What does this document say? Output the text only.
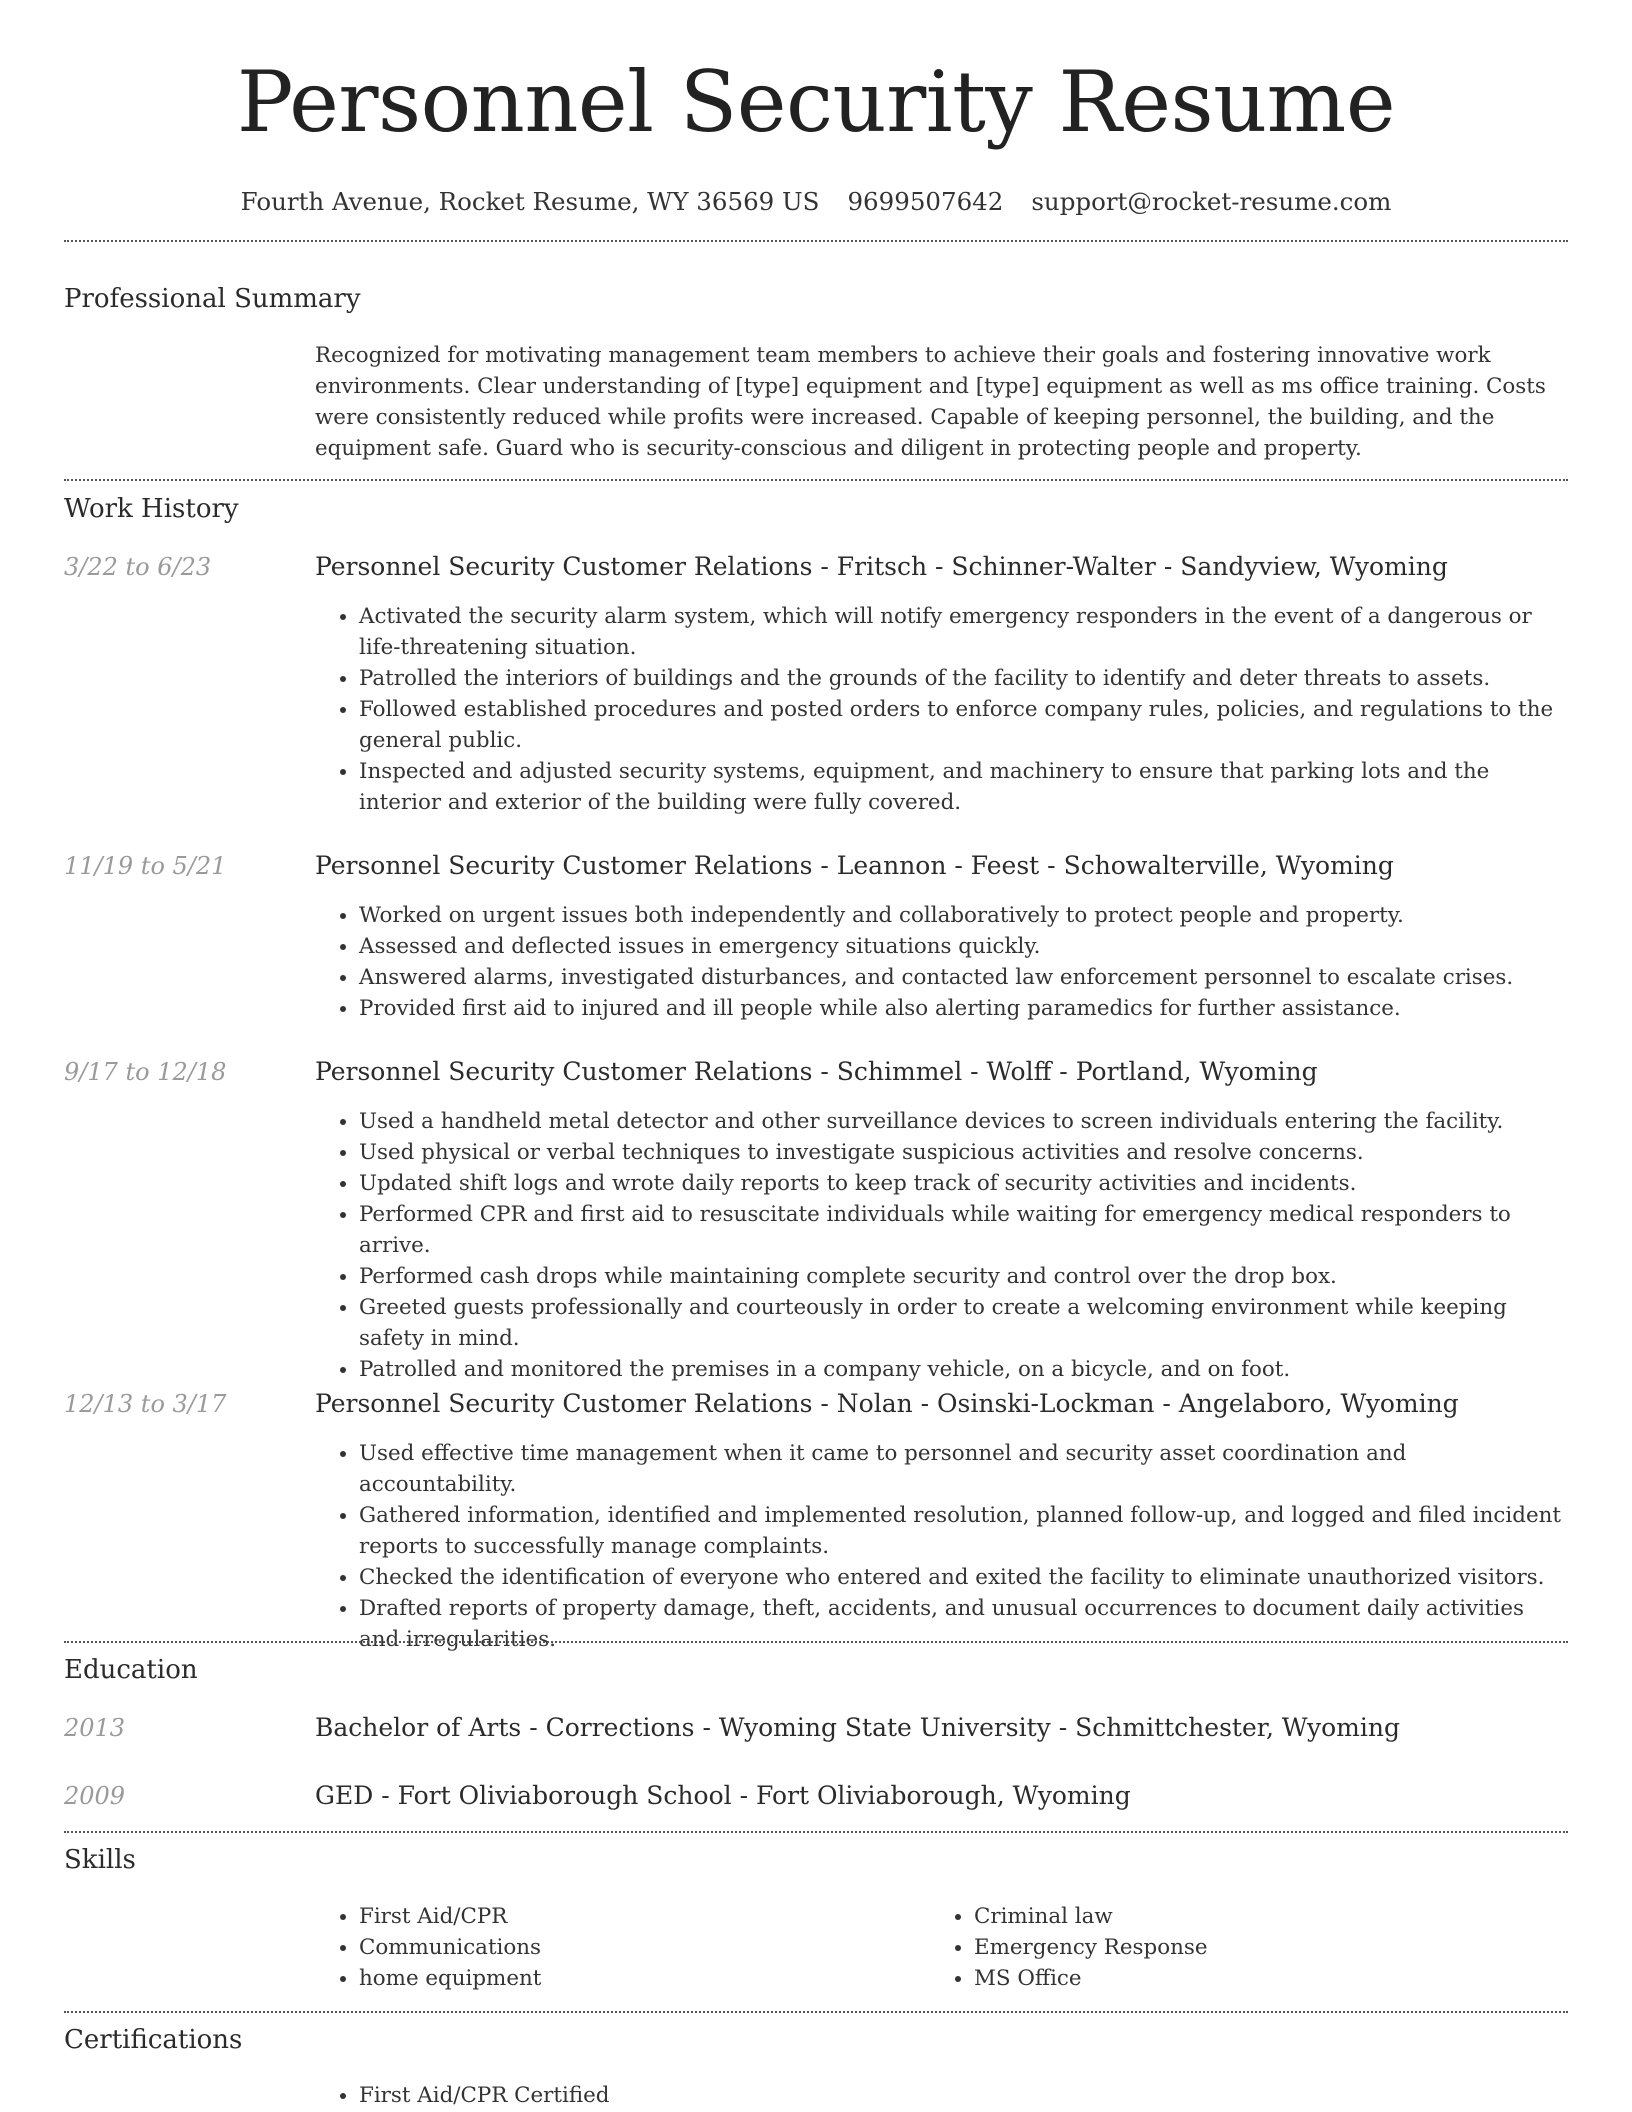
Personnel Security Resume
Fourth Avenue, Rocket Resume, WY 36569 US 9699507642 support@rocket-resume.com
Professional Summary
Recognized for motivating management team members to achieve their goals and fostering innovative work environments. Clear understanding of [type] equipment and [type] equipment as well as ms office training. Costs were consistently reduced while profits were increased. Capable of keeping personnel, the building, and the equipment safe. Guard who is security-conscious and diligent in protecting people and property.
Work History
3/22 to 6/23	Personnel Security Customer Relations - Fritsch - Schinner-Walter - Sandyview, Wyoming
• Activated the security alarm system, which will notify emergency responders in the event of a dangerous or life-threatening situation.
• Patrolled the interiors of buildings and the grounds of the facility to identify and deter threats to assets.
• Followed established procedures and posted orders to enforce company rules, policies, and regulations to the general public.
• Inspected and adjusted security systems, equipment, and machinery to ensure that parking lots and the interior and exterior of the building were fully covered.
11/19 to 5/21	Personnel Security Customer Relations - Leannon - Feest - Schowalterville, Wyoming
• Worked on urgent issues both independently and collaboratively to protect people and property.
• Assessed and deflected issues in emergency situations quickly.
• Answered alarms, investigated disturbances, and contacted law enforcement personnel to escalate crises.
• Provided first aid to injured and ill people while also alerting paramedics for further assistance.
9/17 to 12/18	Personnel Security Customer Relations - Schimmel - Wolff - Portland, Wyoming
• Used a handheld metal detector and other surveillance devices to screen individuals entering the facility.
• Used physical or verbal techniques to investigate suspicious activities and resolve concerns.
• Updated shift logs and wrote daily reports to keep track of security activities and incidents.
• Performed CPR and first aid to resuscitate individuals while waiting for emergency medical responders to arrive.
• Performed cash drops while maintaining complete security and control over the drop box.
• Greeted guests professionally and courteously in order to create a welcoming environment while keeping safety in mind.
• Patrolled and monitored the premises in a company vehicle, on a bicycle, and on foot.
12/13 to 3/17	Personnel Security Customer Relations - Nolan - Osinski-Lockman - Angelaboro, Wyoming
• Used effective time management when it came to personnel and security asset coordination and accountability.
• Gathered information, identified and implemented resolution, planned follow-up, and logged and filed incident reports to successfully manage complaints.
• Checked the identification of everyone who entered and exited the facility to eliminate unauthorized visitors.
• Drafted reports of property damage, theft, accidents, and unusual occurrences to document daily activities and irregularities.
Education
2013	Bachelor of Arts - Corrections - Wyoming State University - Schmittchester, Wyoming
2009	GED - Fort Oliviaborough School - Fort Oliviaborough, Wyoming
Skills
• First Aid/CPR
• Communications
• home equipment
• Criminal law
• Emergency Response
• MS Office
Certifications
• First Aid/CPR Certified
